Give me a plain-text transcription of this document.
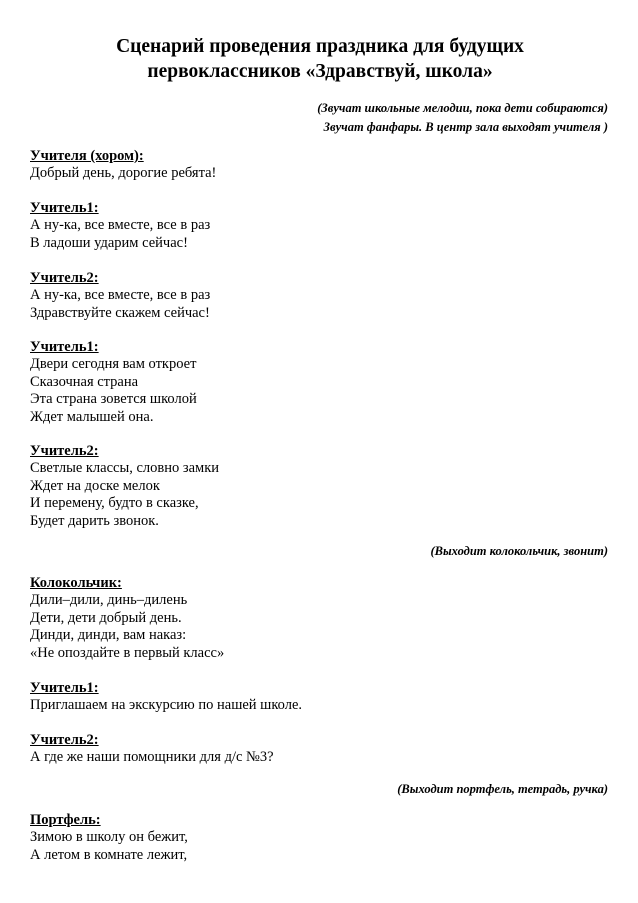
Сценарий проведения праздника для будущих
первоклассников «Здравствуй, школа»
(Звучат школьные мелодии, пока дети собираются)
Звучат фанфары. В центр зала выходят учителя )
Учителя (хором):
Добрый день, дорогие ребята!
Учитель1:
А ну-ка, все вместе, все в раз
В ладоши ударим сейчас!
Учитель2:
А ну-ка, все вместе, все в раз
Здравствуйте скажем сейчас!
Учитель1:
Двери сегодня вам откроет
Сказочная страна
Эта страна зовется школой
Ждет малышей она.
Учитель2:
Светлые классы, словно замки
Ждет на доске мелок
И перемену, будто в сказке,
Будет дарить звонок.
(Выходит колокольчик, звонит)
Колокольчик:
Дили–дили, динь–дилень
Дети, дети добрый день.
Динди, динди, вам наказ:
«Не опоздайте в первый класс»
Учитель1:
Приглашаем на экскурсию по нашей школе.
Учитель2:
А где же наши помощники для д/с №3?
(Выходит портфель, тетрадь, ручка)
Портфель:
Зимою в школу он бежит,
А летом в комнате лежит,
